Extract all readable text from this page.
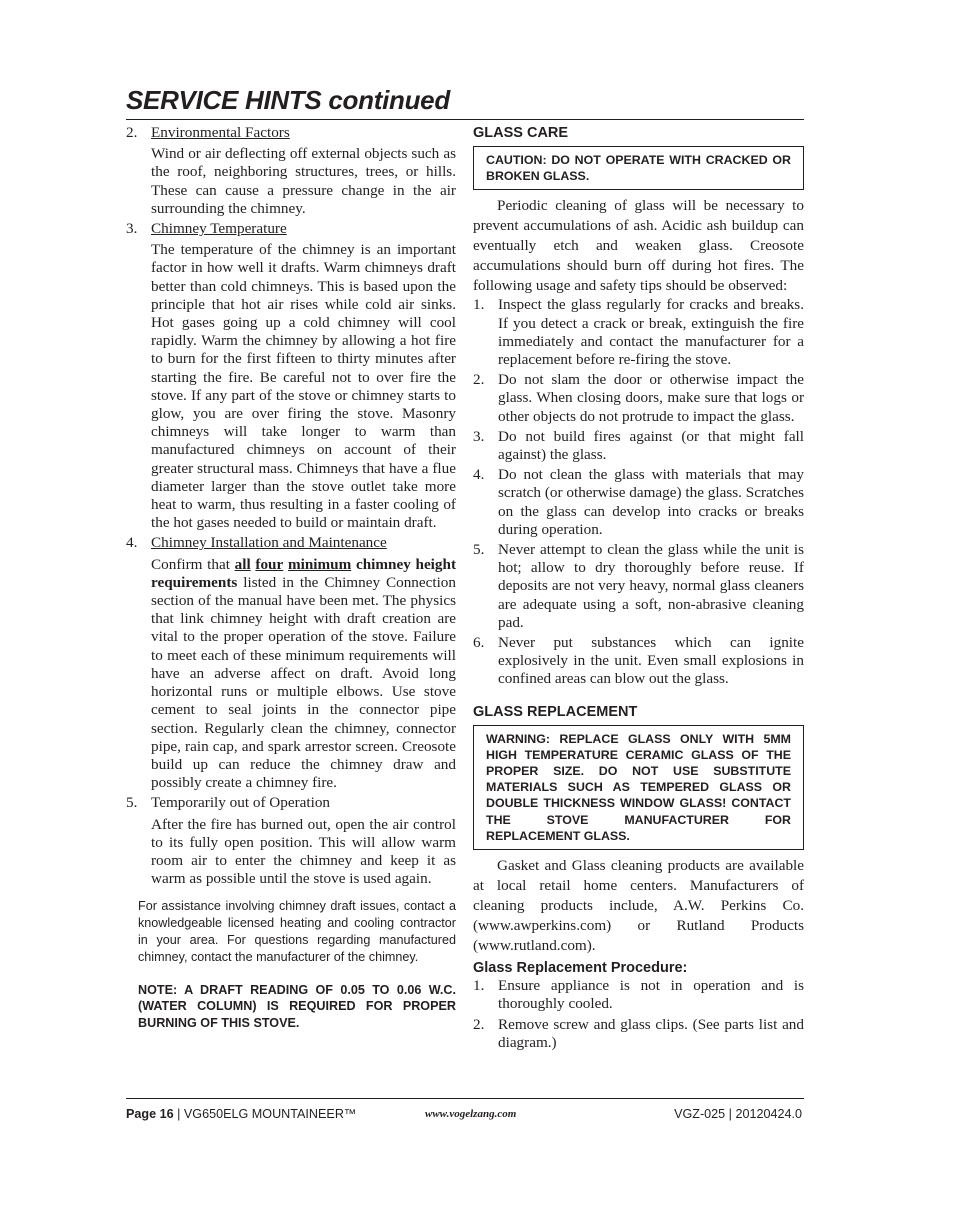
SERVICE HINTS continued
2. Environmental Factors
Wind or air deflecting off external objects such as the roof, neighboring structures, trees, or hills. These can cause a pressure change in the air surrounding the chimney.
3. Chimney Temperature
The temperature of the chimney is an important factor in how well it drafts. Warm chimneys draft better than cold chimneys. This is based upon the principle that hot air rises while cold air sinks. Hot gases going up a cold chimney will cool rapidly. Warm the chimney by allowing a hot fire to burn for the first fifteen to thirty minutes after starting the fire. Be careful not to over fire the stove. If any part of the stove or chimney starts to glow, you are over firing the stove. Masonry chimneys will take longer to warm than manufactured chimneys on account of their greater structural mass. Chimneys that have a flue diameter larger than the stove outlet take more heat to warm, thus resulting in a faster cooling of the hot gases needed to build or maintain draft.
4. Chimney Installation and Maintenance
Confirm that all four minimum chimney height requirements listed in the Chimney Connection section of the manual have been met. The physics that link chimney height with draft creation are vital to the proper operation of the stove. Failure to meet each of these minimum requirements will have an adverse affect on draft. Avoid long horizontal runs or multiple elbows. Use stove cement to seal joints in the connector pipe section. Regularly clean the chimney, connector pipe, rain cap, and spark arrestor screen. Creosote build up can reduce the chimney draw and possibly create a chimney fire.
5. Temporarily out of Operation
After the fire has burned out, open the air control to its fully open position. This will allow warm room air to enter the chimney and keep it as warm as possible until the stove is used again.

For assistance involving chimney draft issues, contact a knowledgeable licensed heating and cooling contractor in your area. For questions regarding manufactured chimney, contact the manufacturer of the chimney.

NOTE: A DRAFT READING OF 0.05 TO 0.06 W.C. (WATER COLUMN) IS REQUIRED FOR PROPER BURNING OF THIS STOVE.

GLASS CARE
CAUTION: DO NOT OPERATE WITH CRACKED OR BROKEN GLASS.
Periodic cleaning of glass will be necessary to prevent accumulations of ash. Acidic ash buildup can eventually etch and weaken glass. Creosote accumulations should burn off during hot fires. The following usage and safety tips should be observed:
1. Inspect the glass regularly for cracks and breaks. If you detect a crack or break, extinguish the fire immediately and contact the manufacturer for a replacement before re-firing the stove.
2. Do not slam the door or otherwise impact the glass. When closing doors, make sure that logs or other objects do not protrude to impact the glass.
3. Do not build fires against (or that might fall against) the glass.
4. Do not clean the glass with materials that may scratch (or otherwise damage) the glass. Scratches on the glass can develop into cracks or breaks during operation.
5. Never attempt to clean the glass while the unit is hot; allow to dry thoroughly before reuse. If deposits are not very heavy, normal glass cleaners are adequate using a soft, non-abrasive cleaning pad.
6. Never put substances which can ignite explosively in the unit. Even small explosions in confined areas can blow out the glass.
GLASS REPLACEMENT
WARNING: REPLACE GLASS ONLY WITH 5MM HIGH TEMPERATURE CERAMIC GLASS OF THE PROPER SIZE. DO NOT USE SUBSTITUTE MATERIALS SUCH AS TEMPERED GLASS OR DOUBLE THICKNESS WINDOW GLASS! CONTACT THE STOVE MANUFACTURER FOR REPLACEMENT GLASS.
Gasket and Glass cleaning products are available at local retail home centers. Manufacturers of cleaning products include, A.W. Perkins Co. (www.awperkins.com) or Rutland Products (www.rutland.com).
Glass Replacement Procedure:
1. Ensure appliance is not in operation and is thoroughly cooled.
2. Remove screw and glass clips. (See parts list and diagram.)
Page 16 | VG650ELG MOUNTAINEER™	www.vogelzang.com	VGZ-025 | 20120424.0
